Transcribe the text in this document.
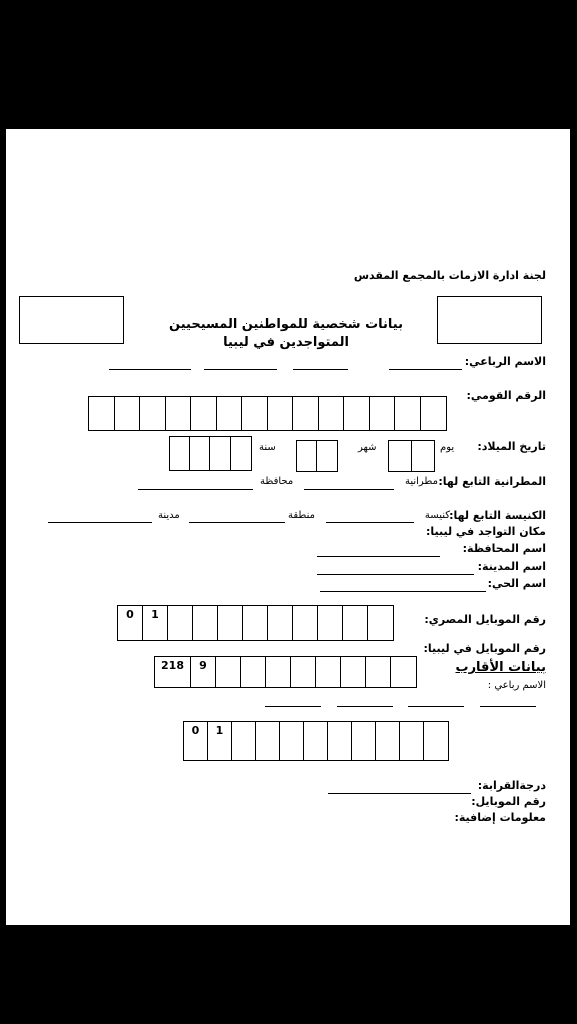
لجنة ادارة الازمات بالمجمع المقدس
بيانات شخصية للمواطنين المسيحيين
المتواجدين في ليبيا
الاسم الرباعي:
الرقم القومي:
تاريخ الميلاد:
يوم
شهر
سنة
المطرانية التابع لها:
مطرانية
محافظة
الكنيسة التابع لها:
كنيسة
منطقة
مدينة
مكان التواجد في ليبيا:
اسم المحافظة:
اسم المدينة:
اسم الحي:
رقم الموبايل المصري:
0	1
رقم الموبايل في ليبيا:
218	9	بيانات الأقارب
الاسم رباعي :
0	1
درجةالقرابة:
رقم الموبايل:
معلومات إضافية:
